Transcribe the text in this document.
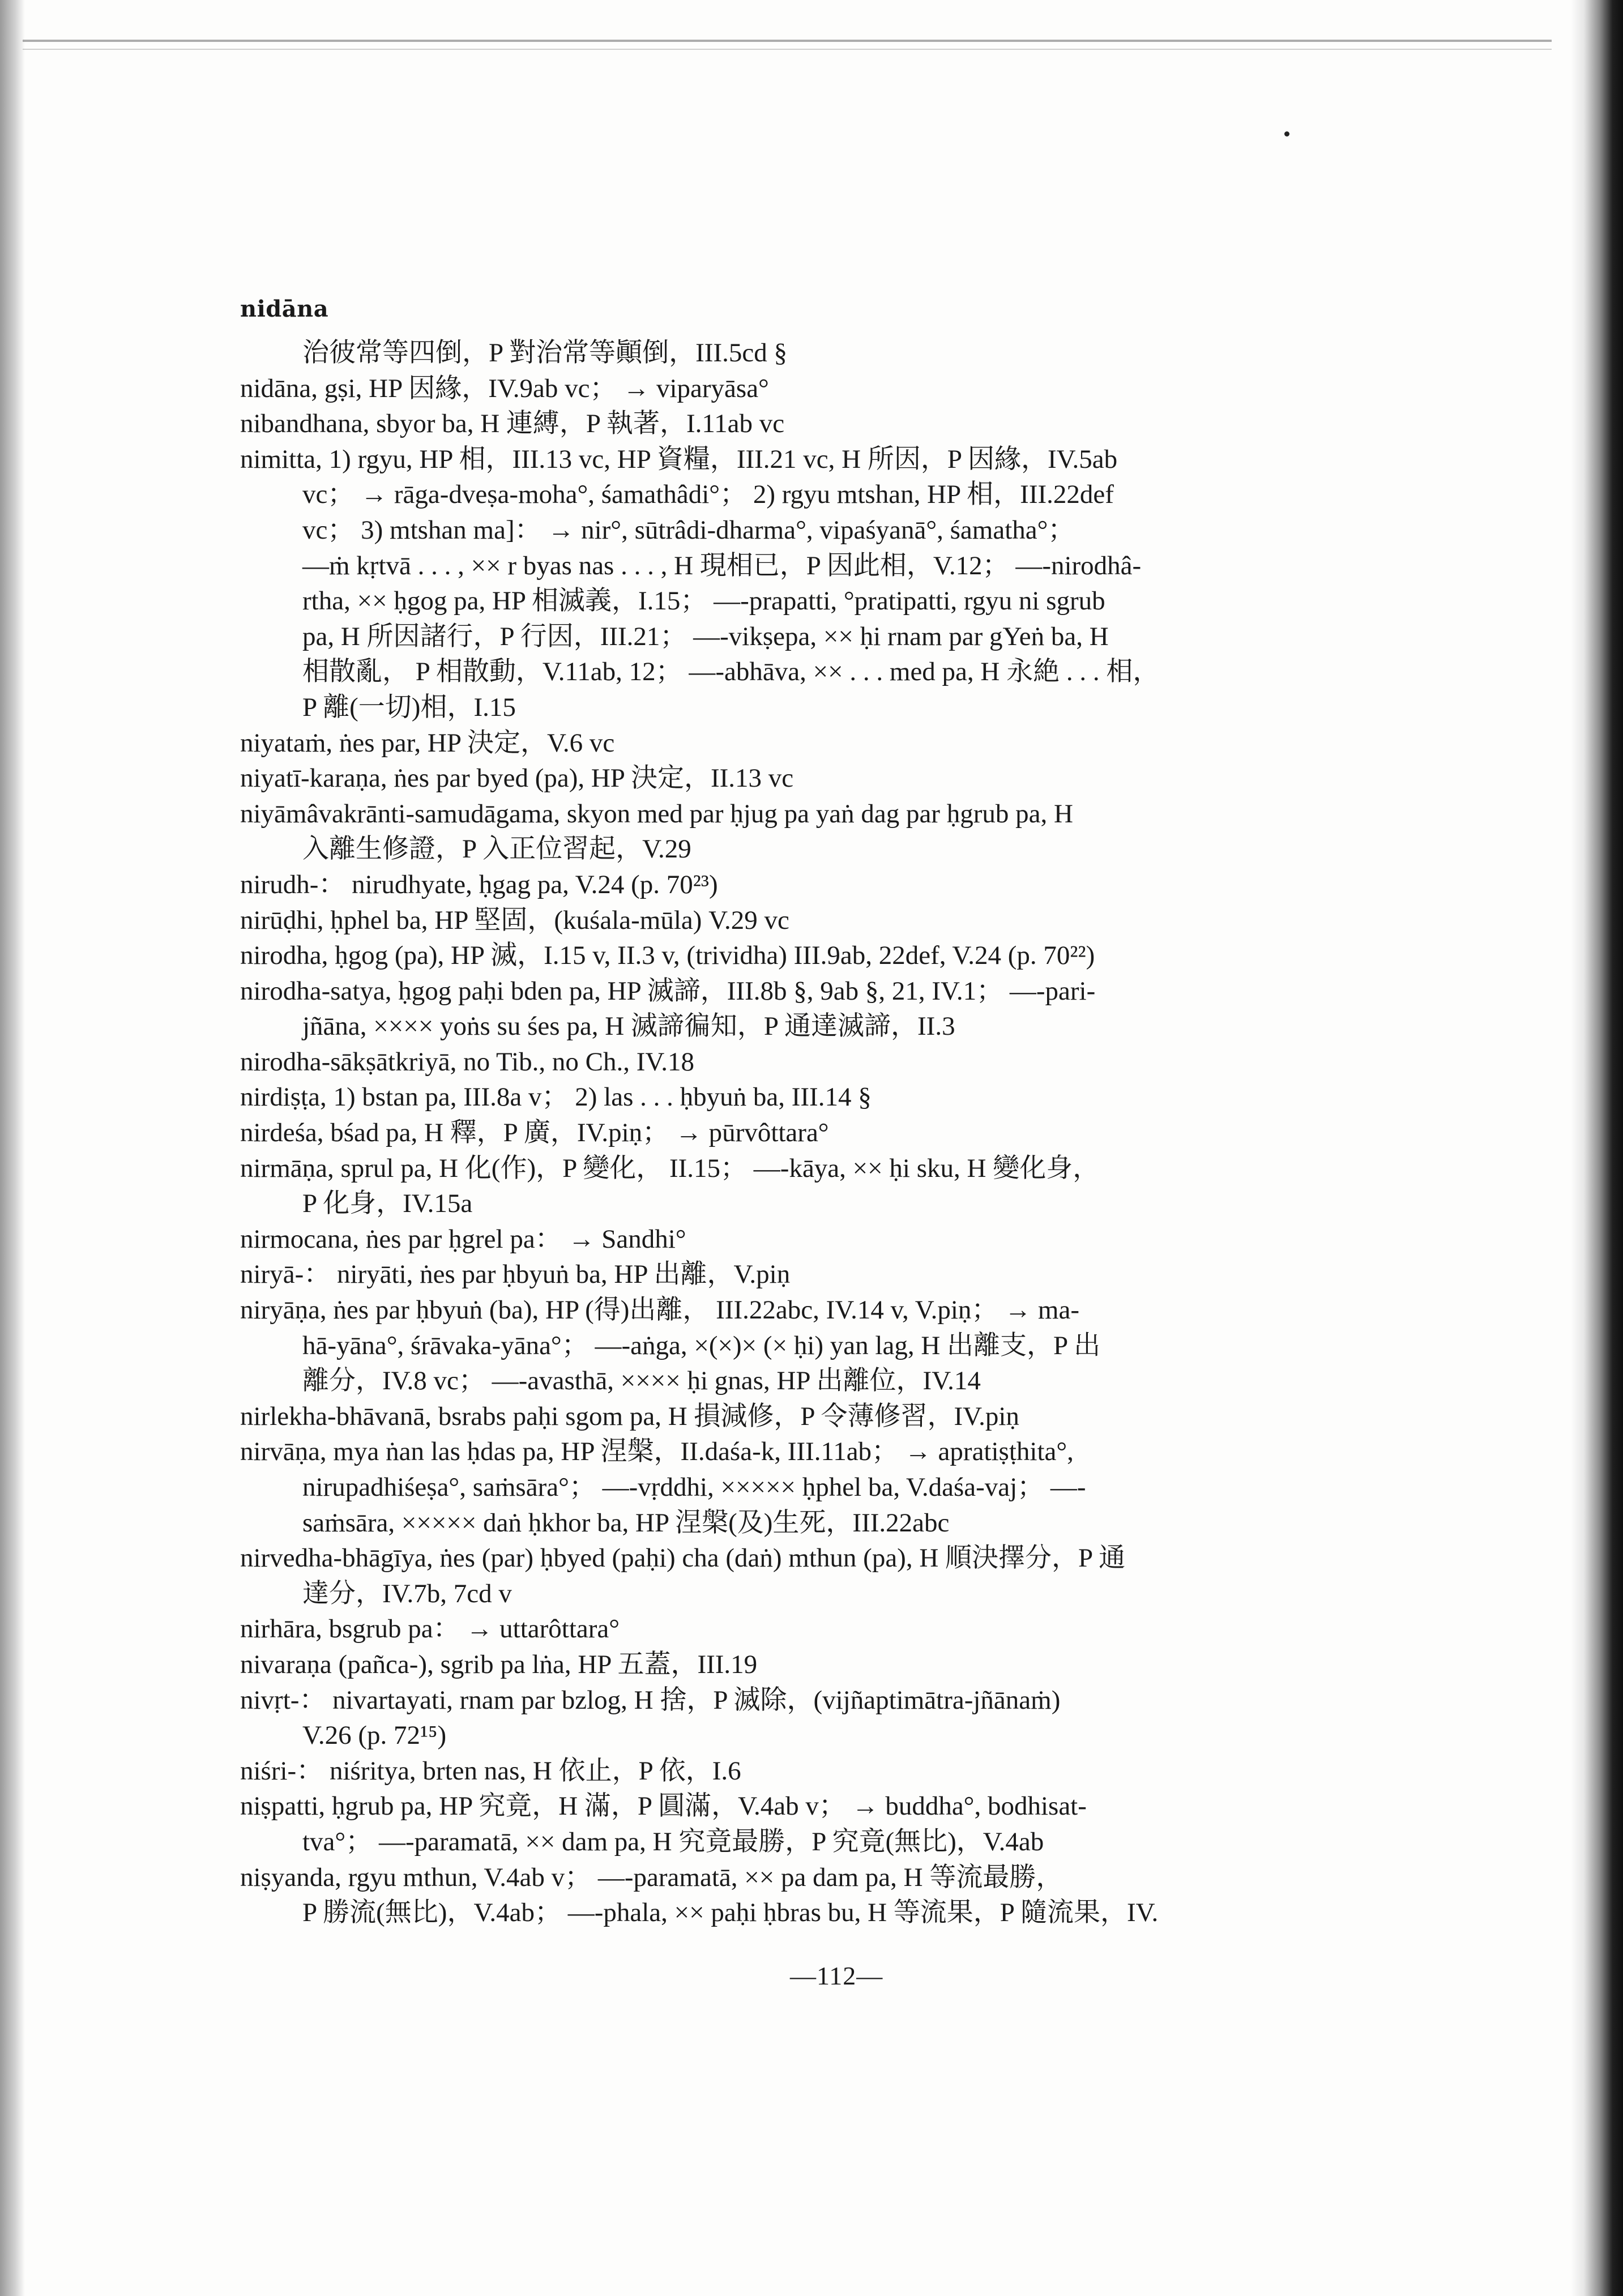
nidāna
治彼常等四倒，P 對治常等顚倒，III.5cd §
nidāna, gṣi, HP 因緣，IV.9ab vc； → viparyāsa°
nibandhana, sbyor ba, H 連縛，P 執著，I.11ab vc
nimitta, 1) rgyu, HP 相，III.13 vc, HP 資糧，III.21 vc, H 所因，P 因緣，IV.5ab
vc； → rāga-dveṣa-moha°, śamathâdi°； 2) rgyu mtshan, HP 相，III.22def
vc； 3) mtshan ma]： → nir°, sūtrâdi-dharma°, vipaśyanā°, śamatha°；
—ṁ kṛtvā . . . , ×× r byas nas . . . , H 現相已，P 因此相，V.12； —-nirodhâ-
rtha, ×× ḥgog pa, HP 相滅義，I.15； —-prapatti, °pratipatti, rgyu ni sgrub
pa, H 所因諸行，P 行因，III.21； —-vikṣepa, ×× ḥi rnam par gYeṅ ba, H
相散亂， P 相散動，V.11ab, 12； —-abhāva, ×× . . . med pa, H 永絶 . . . 相，
P 離(一切)相，I.15
niyataṁ, ṅes par, HP 決定，V.6 vc
niyatī-karaṇa, ṅes par byed (pa), HP 決定，II.13 vc
niyāmâvakrānti-samudāgama, skyon med par ḥjug pa yaṅ dag par ḥgrub pa, H
入離生修證，P 入正位習起，V.29
nirudh-： nirudhyate, ḥgag pa, V.24 (p. 70²³)
nirūḍhi, ḥphel ba, HP 堅固，(kuśala-mūla) V.29 vc
nirodha, ḥgog (pa), HP 滅，I.15 v, II.3 v, (trividha) III.9ab, 22def, V.24 (p. 70²²)
nirodha-satya, ḥgog paḥi bden pa, HP 滅諦，III.8b §, 9ab §, 21, IV.1； —-pari-
jñāna, ×××× yoṅs su śes pa, H 滅諦徧知，P 通達滅諦，II.3
nirodha-sākṣātkriyā, no Tib., no Ch., IV.18
nirdiṣṭa, 1) bstan pa, III.8a v； 2) las . . . ḥbyuṅ ba, III.14 §
nirdeśa, bśad pa, H 釋，P 廣，IV.piṇ； → pūrvôttara°
nirmāṇa, sprul pa, H 化(作)，P 變化， II.15； —-kāya, ×× ḥi sku, H 變化身，
P 化身，IV.15a
nirmocana, ṅes par ḥgrel pa： → Sandhi°
niryā-： niryāti, ṅes par ḥbyuṅ ba, HP 出離，V.piṇ
niryāṇa, ṅes par ḥbyuṅ (ba), HP (得)出離， III.22abc, IV.14 v, V.piṇ； → ma-
hā-yāna°, śrāvaka-yāna°； —-aṅga, ×(×)× (× ḥi) yan lag, H 出離支，P 出
離分，IV.8 vc； —-avasthā, ×××× ḥi gnas, HP 出離位，IV.14
nirlekha-bhāvanā, bsrabs paḥi sgom pa, H 損減修，P 令薄修習，IV.piṇ
nirvāṇa, mya ṅan las ḥdas pa, HP 涅槃，II.daśa-k, III.11ab； → apratiṣṭhita°,
nirupadhiśeṣa°, saṁsāra°； —-vṛddhi, ××××× ḥphel ba, V.daśa-vaj； —-
saṁsāra, ××××× daṅ ḥkhor ba, HP 涅槃(及)生死，III.22abc
nirvedha-bhāgīya, ṅes (par) ḥbyed (paḥi) cha (daṅ) mthun (pa), H 順決擇分，P 通
達分，IV.7b, 7cd v
nirhāra, bsgrub pa： → uttarôttara°
nivaraṇa (pañca-), sgrib pa lṅa, HP 五蓋，III.19
nivṛt-： nivartayati, rnam par bzlog, H 捨，P 滅除，(vijñaptimātra-jñānaṁ)
V.26 (p. 72¹⁵)
niśri-： niśritya, brten nas, H 依止，P 依，I.6
niṣpatti, ḥgrub pa, HP 究竟，H 滿，P 圓滿，V.4ab v； → buddha°, bodhisat-
tva°； —-paramatā, ×× dam pa, H 究竟最勝，P 究竟(無比)，V.4ab
niṣyanda, rgyu mthun, V.4ab v； —-paramatā, ×× pa dam pa, H 等流最勝，
P 勝流(無比)，V.4ab； —-phala, ×× paḥi ḥbras bu, H 等流果，P 隨流果，IV.
—112—
